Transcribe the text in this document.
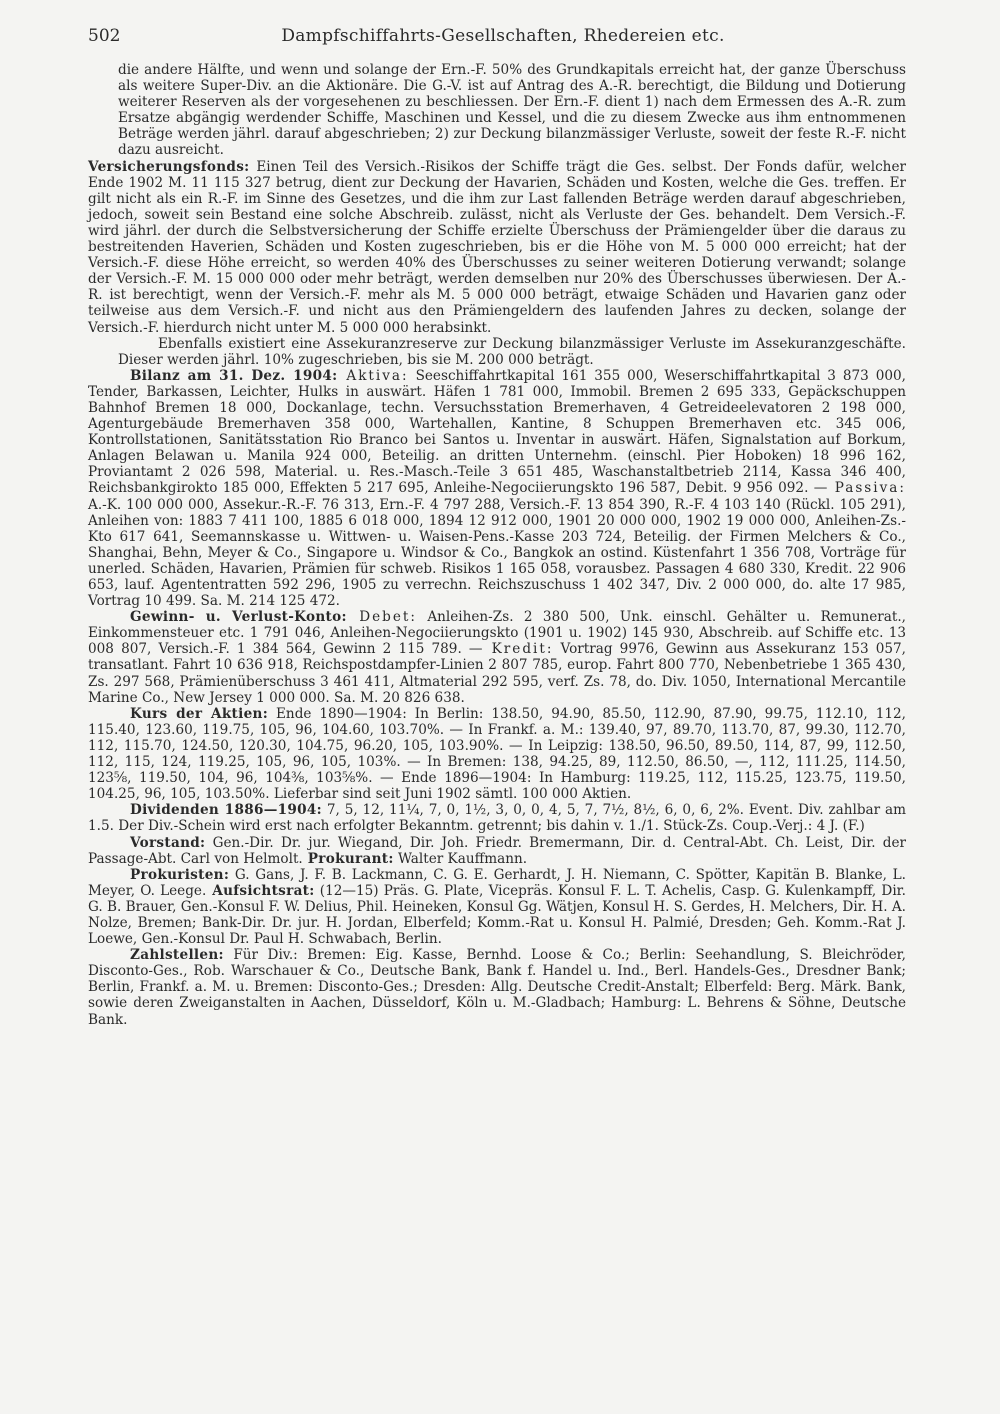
502	Dampfschiffahrts-Gesellschaften, Rhedereien etc.

die andere Hälfte, und wenn und solange der Ern.-F. 50% des Grundkapitals erreicht hat, der ganze Überschuss als weitere Super-Div. an die Aktionäre. Die G.-V. ist auf Antrag des A.-R. berechtigt, die Bildung und Dotierung weiterer Reserven als der vorgesehenen zu beschliessen. Der Ern.-F. dient 1) nach dem Ermessen des A.-R. zum Ersatze abgängig werdender Schiffe, Maschinen und Kessel, und die zu diesem Zwecke aus ihm entnommenen Beträge werden jährl. darauf abgeschrieben; 2) zur Deckung bilanzmässiger Verluste, soweit der feste R.-F. nicht dazu ausreicht.

Versicherungsfonds: Einen Teil des Versich.-Risikos der Schiffe trägt die Ges. selbst. Der Fonds dafür, welcher Ende 1902 M. 11 115 327 betrug, dient zur Deckung der Havarien, Schäden und Kosten, welche die Ges. treffen. Er gilt nicht als ein R.-F. im Sinne des Gesetzes, und die ihm zur Last fallenden Beträge werden darauf abgeschrieben, jedoch, soweit sein Bestand eine solche Abschreib. zulässt, nicht als Verluste der Ges. behandelt. Dem Versich.-F. wird jährl. der durch die Selbstversicherung der Schiffe erzielte Überschuss der Prämiengelder über die daraus zu bestreitenden Haverien, Schäden und Kosten zugeschrieben, bis er die Höhe von M. 5 000 000 erreicht; hat der Versich.-F. diese Höhe erreicht, so werden 40% des Überschusses zu seiner weiteren Dotierung verwandt; solange der Versich.-F. M. 15 000 000 oder mehr beträgt, werden demselben nur 20% des Überschusses überwiesen. Der A.-R. ist berechtigt, wenn der Versich.-F. mehr als M. 5 000 000 beträgt, etwaige Schäden und Havarien ganz oder teilweise aus dem Versich.-F. und nicht aus den Prämiengeldern des laufenden Jahres zu decken, solange der Versich.-F. hierdurch nicht unter M. 5 000 000 herabsinkt.

Ebenfalls existiert eine Assekuranzreserve zur Deckung bilanzmässiger Verluste im Assekuranzgeschäfte. Dieser werden jährl. 10% zugeschrieben, bis sie M. 200 000 beträgt.

Bilanz am 31. Dez. 1904: Aktiva: Seeschiffahrtkapital 161 355 000, Weserschiffahrtkapital 3 873 000, Tender, Barkassen, Leichter, Hulks in auswärt. Häfen 1 781 000, Immobil. Bremen 2 695 333, Gepäckschuppen Bahnhof Bremen 18 000, Dockanlage, techn. Versuchsstation Bremerhaven, 4 Getreideelevatoren 2 198 000, Agenturgebäude Bremerhaven 358 000, Wartehallen, Kantine, 8 Schuppen Bremerhaven etc. 345 006, Kontrollstationen, Sanitätsstation Rio Branco bei Santos u. Inventar in auswärt. Häfen, Signalstation auf Borkum, Anlagen Belawan u. Manila 924 000, Beteilig. an dritten Unternehm. (einschl. Pier Hoboken) 18 996 162, Proviantamt 2 026 598, Material. u. Res.-Masch.-Teile 3 651 485, Waschanstaltbetrieb 2114, Kassa 346 400, Reichsbankgirokto 185 000, Effekten 5 217 695, Anleihe-Negociierungskto 196 587, Debit. 9 956 092. — Passiva: A.-K. 100 000 000, Assekur.-R.-F. 76 313, Ern.-F. 4 797 288, Versich.-F. 13 854 390, R.-F. 4 103 140 (Rückl. 105 291), Anleihen von: 1883 7 411 100, 1885 6 018 000, 1894 12 912 000, 1901 20 000 000, 1902 19 000 000, Anleihen-Zs.-Kto 617 641, Seemannskasse u. Wittwen- u. Waisen-Pens.-Kasse 203 724, Beteilig. der Firmen Melchers & Co., Shanghai, Behn, Meyer & Co., Singapore u. Windsor & Co., Bangkok an ostind. Küstenfahrt 1 356 708, Vorträge für unerled. Schäden, Havarien, Prämien für schweb. Risikos 1 165 058, vorausbez. Passagen 4 680 330, Kredit. 22 906 653, lauf. Agententratten 592 296, 1905 zu verrechn. Reichszuschuss 1 402 347, Div. 2 000 000, do. alte 17 985, Vortrag 10 499. Sa. M. 214 125 472.

Gewinn- u. Verlust-Konto: Debet: Anleihen-Zs. 2 380 500, Unk. einschl. Gehälter u. Remunerat., Einkommensteuer etc. 1 791 046, Anleihen-Negociierungskto (1901 u. 1902) 145 930, Abschreib. auf Schiffe etc. 13 008 807, Versich.-F. 1 384 564, Gewinn 2 115 789. — Kredit: Vortrag 9976, Gewinn aus Assekuranz 153 057, transatlant. Fahrt 10 636 918, Reichspostdampfer-Linien 2 807 785, europ. Fahrt 800 770, Nebenbetriebe 1 365 430, Zs. 297 568, Prämienüberschuss 3 461 411, Altmaterial 292 595, verf. Zs. 78, do. Div. 1050, International Mercantile Marine Co., New Jersey 1 000 000. Sa. M. 20 826 638.

Kurs der Aktien: Ende 1890—1904: In Berlin: 138.50, 94.90, 85.50, 112.90, 87.90, 99.75, 112.10, 112, 115.40, 123.60, 119.75, 105, 96, 104.60, 103.70%. — In Frankf. a. M.: 139.40, 97, 89.70, 113.70, 87, 99.30, 112.70, 112, 115.70, 124.50, 120.30, 104.75, 96.20, 105, 103.90%. — In Leipzig: 138.50, 96.50, 89.50, 114, 87, 99, 112.50, 112, 115, 124, 119.25, 105, 96, 105, 103%. — In Bremen: 138, 94.25, 89, 112.50, 86.50, —, 112, 111.25, 114.50, 123⅝, 119.50, 104, 96, 104⅜, 103⅝%. — Ende 1896—1904: In Hamburg: 119.25, 112, 115.25, 123.75, 119.50, 104.25, 96, 105, 103.50%. Lieferbar sind seit Juni 1902 sämtl. 100 000 Aktien.

Dividenden 1886—1904: 7, 5, 12, 11¼, 7, 0, 1½, 3, 0, 0, 4, 5, 7, 7½, 8½, 6, 0, 6, 2%. Event. Div. zahlbar am 1.5. Der Div.-Schein wird erst nach erfolgter Bekanntm. getrennt; bis dahin v. 1./1. Stück-Zs. Coup.-Verj.: 4 J. (F.)

Vorstand: Gen.-Dir. Dr. jur. Wiegand, Dir. Joh. Friedr. Bremermann, Dir. d. Central-Abt. Ch. Leist, Dir. der Passage-Abt. Carl von Helmolt. Prokurant: Walter Kauffmann.

Prokuristen: G. Gans, J. F. B. Lackmann, C. G. E. Gerhardt, J. H. Niemann, C. Spötter, Kapitän B. Blanke, L. Meyer, O. Leege. Aufsichtsrat: (12—15) Präs. G. Plate, Vicepräs. Konsul F. L. T. Achelis, Casp. G. Kulenkampff, Dir. G. B. Brauer, Gen.-Konsul F. W. Delius, Phil. Heineken, Konsul Gg. Wätjen, Konsul H. S. Gerdes, H. Melchers, Dir. H. A. Nolze, Bremen; Bank-Dir. Dr. jur. H. Jordan, Elberfeld; Komm.-Rat u. Konsul H. Palmié, Dresden; Geh. Komm.-Rat J. Loewe, Gen.-Konsul Dr. Paul H. Schwabach, Berlin.

Zahlstellen: Für Div.: Bremen: Eig. Kasse, Bernhd. Loose & Co.; Berlin: Seehandlung, S. Bleichröder, Disconto-Ges., Rob. Warschauer & Co., Deutsche Bank, Bank f. Handel u. Ind., Berl. Handels-Ges., Dresdner Bank; Berlin, Frankf. a. M. u. Bremen: Disconto-Ges.; Dresden: Allg. Deutsche Credit-Anstalt; Elberfeld: Berg. Märk. Bank, sowie deren Zweiganstalten in Aachen, Düsseldorf, Köln u. M.-Gladbach; Hamburg: L. Behrens & Söhne, Deutsche Bank.
